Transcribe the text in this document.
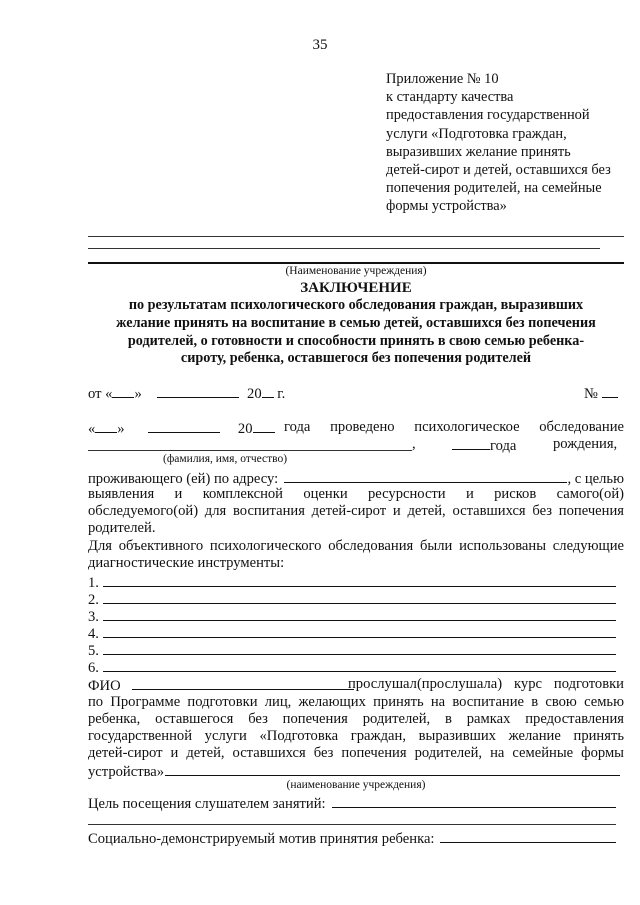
35
Приложение № 10
к стандарту качества
предоставления государственной
услуги «Подготовка граждан,
выразивших желание принять
детей-сирот и детей, оставшихся без
попечения родителей, на семейные
формы устройства»
(Наименование учреждения)
ЗАКЛЮЧЕНИЕ
по результатам психологического обследования граждан, выразивших
желание принять на воспитание в семью детей, оставшихся без попечения
родителей, о готовности и способности принять в свою семью ребенка-
сироту, ребенка, оставшегося без попечения родителей
от « »	20 г.	№
« »	20	года проведено психологическое обследование
,	года	рождения,
(фамилия, имя, отчество)
проживающего (ей) по адресу:	, с целью
выявления и комплексной оценки ресурсности и рисков самого(ой)
обследуемого(ой) для воспитания детей-сирот и детей, оставшихся без попечения
родителей.
Для объективного психологического обследования были использованы следующие
диагностические инструменты:
1.
2.
3.
4.
5.
6.
ФИО	прослушал(прослушала) курс подготовки
по Программе подготовки лиц, желающих принять на воспитание в свою семью
ребенка, оставшегося без попечения родителей, в рамках предоставления
государственной услуги «Подготовка граждан, выразивших желание принять
детей-сирот и детей, оставшихся без попечения родителей, на семейные формы
устройства»
(наименование учреждения)
Цель посещения слушателем занятий:
Социально-демонстрируемый мотив принятия ребенка:
